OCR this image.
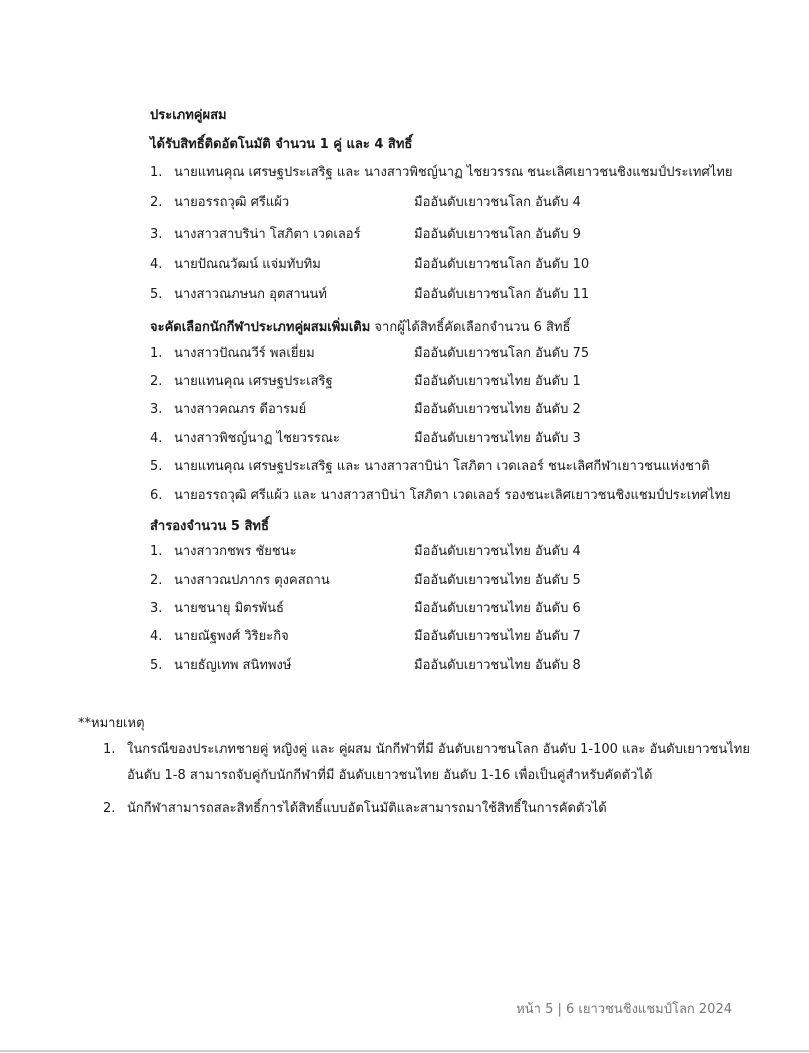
ประเภทคู่ผสม
ได้รับสิทธิ์ติดอัตโนมัติ จำนวน 1 คู่ และ 4 สิทธิ์
1. นายแทนคุณ เศรษฐประเสริฐ และ นางสาวพิชญ์นาฏ ไชยวรรณ ชนะเลิศเยาวชนชิงแชมป์ประเทศไทย
2. นายอรรถวุฒิ ศรีแผ้ว	มืออันดับเยาวชนโลก อันดับ 4
3. นางสาวสาบริน่า โสภิตา เวดเลอร์	มืออันดับเยาวชนโลก อันดับ 9
4. นายปัณณวัฒน์ แจ่มทับทิม	มืออันดับเยาวชนโลก อันดับ 10
5. นางสาวณภษนก อุตสานนท์	มืออันดับเยาวชนโลก อันดับ 11
จะคัดเลือกนักกีฬาประเภทคู่ผสมเพิ่มเติม จากผู้ได้สิทธิ์คัดเลือกจำนวน 6 สิทธิ์
1. นางสาวปัณณวีร์ พลเยี่ยม	มืออันดับเยาวชนโลก อันดับ 75
2. นายแทนคุณ เศรษฐประเสริฐ	มืออันดับเยาวชนไทย อันดับ 1
3. นางสาวคณภร ดีอารมย์	มืออันดับเยาวชนไทย อันดับ 2
4. นางสาวพิชญ์นาฏ ไชยวรรณะ	มืออันดับเยาวชนไทย อันดับ 3
5. นายแทนคุณ เศรษฐประเสริฐ และ นางสาวสาบิน่า โสภิตา เวดเลอร์ ชนะเลิศกีฬาเยาวชนแห่งชาติ
6. นายอรรถวุฒิ ศรีแผ้ว และ นางสาวสาบิน่า โสภิตา เวดเลอร์ รองชนะเลิศเยาวชนชิงแชมป์ประเทศไทย
สำรองจำนวน 5 สิทธิ์
1. นางสาวกชพร ชัยชนะ	มืออันดับเยาวชนไทย อันดับ 4
2. นางสาวณปภากร ตุงคสถาน	มืออันดับเยาวชนไทย อันดับ 5
3. นายชนายุ มิตรพันธ์	มืออันดับเยาวชนไทย อันดับ 6
4. นายณัฐพงศ์ วิริยะกิจ	มืออันดับเยาวชนไทย อันดับ 7
5. นายธัญเทพ สนิทพงษ์	มืออันดับเยาวชนไทย อันดับ 8
**หมายเหตุ
1. ในกรณีของประเภทชายคู่ หญิงคู่ และ คู่ผสม นักกีฬาที่มี อันดับเยาวชนโลก อันดับ 1-100 และ อันดับเยาวชนไทย อันดับ 1-8 สามารถจับคู่กับนักกีฬาที่มี อันดับเยาวชนไทย อันดับ 1-16 เพื่อเป็นคู่สำหรับคัดตัวได้
2. นักกีฬาสามารถสละสิทธิ์การได้สิทธิ์แบบอัตโนมัติและสามารถมาใช้สิทธิ์ในการคัดตัวได้
หน้า 5 | 6 เยาวชนชิงแชมป์โลก 2024
